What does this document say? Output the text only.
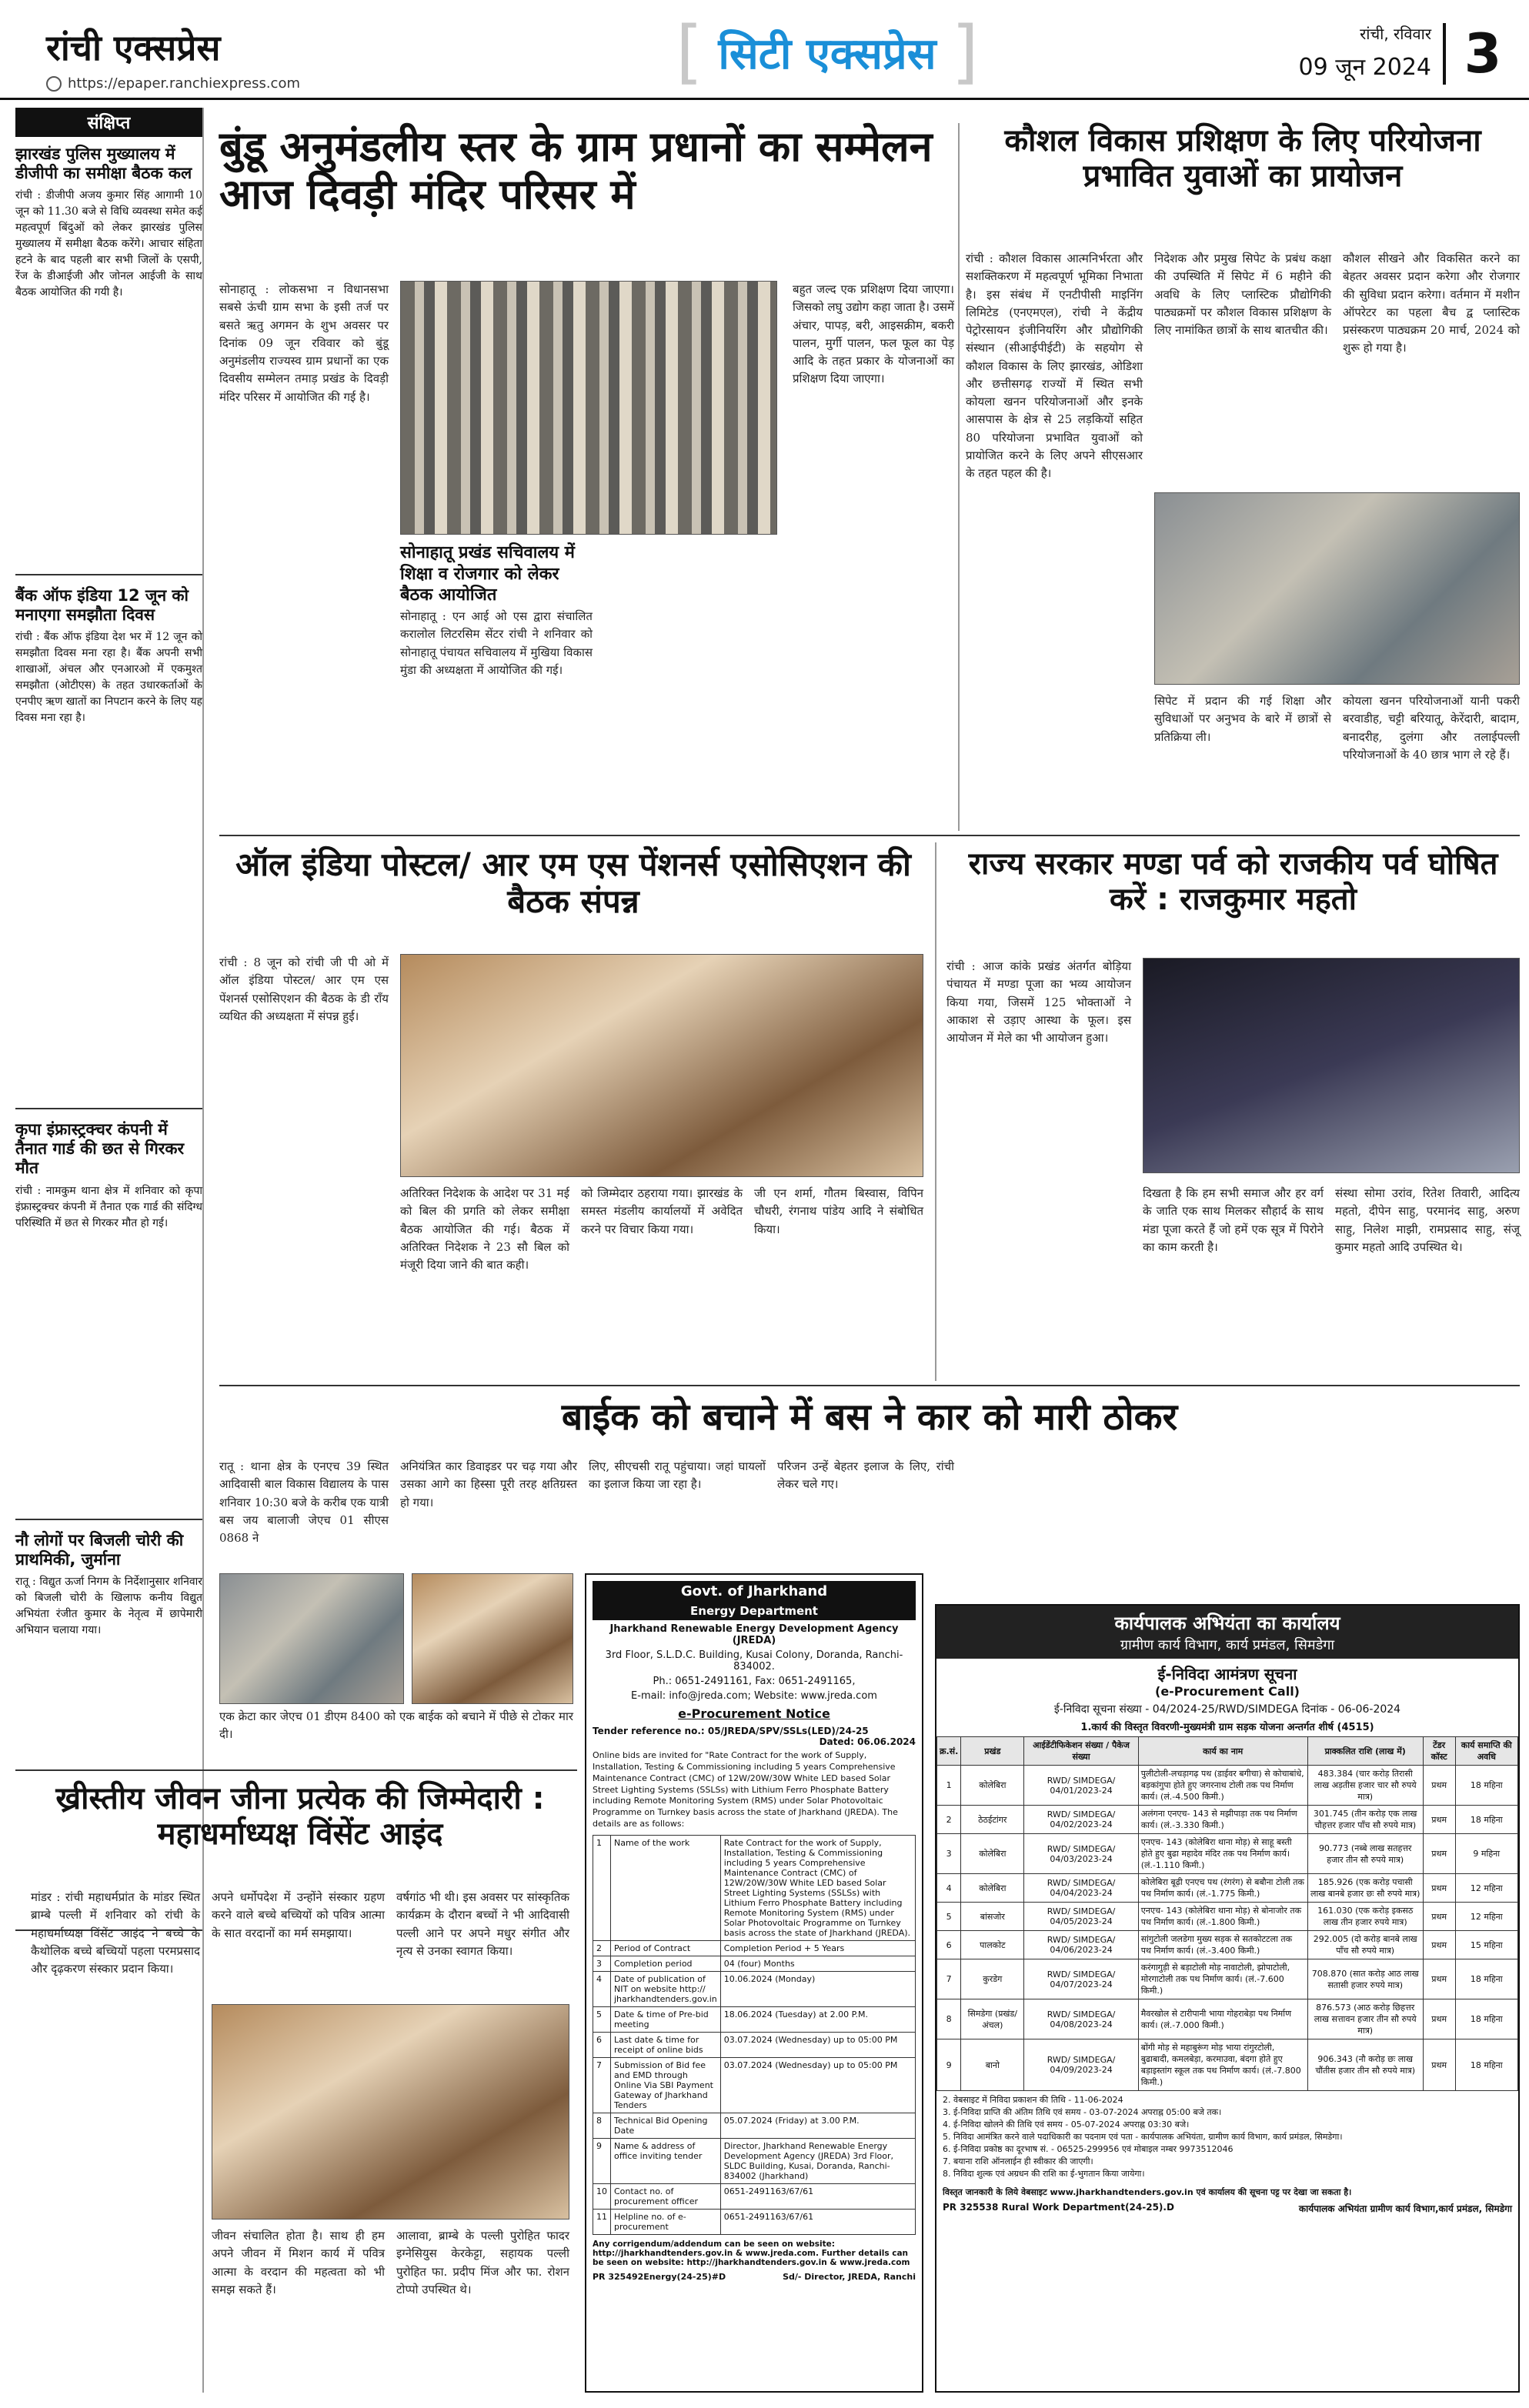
रांची एक्सप्रेस
https://epaper.ranchiexpress.com	[ सिटी एक्सप्रेस ]	रांची, रविवार
09 जून 2024 3
संक्षिप्त
झारखंड पुलिस मुख्यालय में डीजीपी का समीक्षा बैठक कल

रांची : डीजीपी अजय कुमार सिंह आगामी 10 जून को 11.30 बजे से विधि व्यवस्था समेत कई महत्वपूर्ण बिंदुओं को लेकर झारखंड पुलिस मुख्यालय में समीक्षा बैठक करेंगे। आचार संहिता हटने के बाद पहली बार सभी जिलों के एसपी, रेंज के डीआईजी और जोनल आईजी के साथ बैठक आयोजित की गयी है।

बैंक ऑफ इंडिया 12 जून को मनाएगा समझौता दिवस

रांची : बैंक ऑफ इंडिया देश भर में 12 जून को समझौता दिवस मना रहा है। बैंक अपनी सभी शाखाओं, अंचल और एनआरओ में एकमुश्त समझौता (ओटीएस) के तहत उधारकर्ताओं के एनपीए ऋण खातों का निपटान करने के लिए यह दिवस मना रहा है।

कृपा इंफ्रास्ट्रक्चर कंपनी में तैनात गार्ड की छत से गिरकर मौत

रांची : नामकुम थाना क्षेत्र में शनिवार को कृपा इंफ्रास्ट्रक्चर कंपनी में तैनात एक गार्ड की संदिग्ध परिस्थिति में छत से गिरकर मौत हो गई।

नौ लोगों पर बिजली चोरी की प्राथमिकी, जुर्माना

रातू : विद्युत ऊर्जा निगम के निर्देशानुसार शनिवार को बिजली चोरी के खिलाफ कनीय विद्युत अभियंता रंजीत कुमार के नेतृत्व में छापेमारी अभियान चलाया गया।

बुंडू अनुमंडलीय स्तर के ग्राम प्रधानों का सम्मेलन आज दिवड़ी मंदिर परिसर में
सोनाहातू : लोकसभा न विधानसभा सबसे ऊंची ग्राम सभा के इसी तर्ज पर बसते ऋतु अगमन के शुभ अवसर पर दिनांक 09 जून रविवार को बुंडू अनुमंडलीय राज्यस्व ग्राम प्रधानों का एक दिवसीय सम्मेलन तमाड़ प्रखंड के दिवड़ी मंदिर परिसर में आयोजित की गई है।
सोनाहातू प्रखंड सचिवालय में शिक्षा व रोजगार को लेकर बैठक आयोजित
सोनाहातू : एन आई ओ एस द्वारा संचालित करालोल लिटरसिम सेंटर रांची ने शनिवार को सोनाहातू पंचायत सचिवालय में मुखिया विकास मुंडा की अध्यक्षता में आयोजित की गई।
बहुत जल्द एक प्रशिक्षण दिया जाएगा। जिसको लघु उद्योग कहा जाता है। उसमें अंचार, पापड़, बरी, आइसक्रीम, बकरी पालन, मुर्गी पालन, फल फूल का पेड़ आदि के तहत प्रकार के योजनाओं का प्रशिक्षण दिया जाएगा।
कौशल विकास प्रशिक्षण के लिए परियोजना प्रभावित युवाओं का प्रायोजन
रांची : कौशल विकास आत्मनिर्भरता और सशक्तिकरण में महत्वपूर्ण भूमिका निभाता है। इस संबंध में एनटीपीसी माइनिंग लिमिटेड (एनएमएल), रांची ने केंद्रीय पेट्रोरसायन इंजीनियरिंग और प्रौद्योगिकी संस्थान (सीआईपीईटी) के सहयोग से कौशल विकास के लिए झारखंड, ओडिशा और छत्तीसगढ़ राज्यों में स्थित सभी कोयला खनन परियोजनाओं और इनके आसपास के क्षेत्र से 25 लड़कियों सहित 80 परियोजना प्रभावित युवाओं को प्रायोजित करने के लिए अपने सीएसआर के तहत पहल की है।
निदेशक और प्रमुख सिपेट के प्रबंध कक्षा की उपस्थिति में सिपेट में 6 महीने की अवधि के लिए प्लास्टिक प्रौद्योगिकी पाठ्यक्रमों पर कौशल विकास प्रशिक्षण के लिए नामांकित छात्रों के साथ बातचीत की।
कौशल सीखने और विकसित करने का बेहतर अवसर प्रदान करेगा और रोजगार की सुविधा प्रदान करेगा। वर्तमान में मशीन ऑपरेटर का पहला बैच द्व प्लास्टिक प्रसंस्करण पाठ्यक्रम 20 मार्च, 2024 को शुरू हो गया है।
सिपेट में प्रदान की गई शिक्षा और सुविधाओं पर अनुभव के बारे में छात्रों से प्रतिक्रिया ली।
कोयला खनन परियोजनाओं यानी पकरी बरवाडीह, चट्टी बरियातू, केरेंदारी, बादाम, बनादरीह, दुलंगा और तलाईपल्ली परियोजनाओं के 40 छात्र भाग ले रहे हैं।
ऑल इंडिया पोस्टल/ आर एम एस पेंशनर्स एसोसिएशन की बैठक संपन्न
रांची : 8 जून को रांची जी पी ओ में ऑल इंडिया पोस्टल/ आर एम एस पेंशनर्स एसोसिएशन की बैठक के डी राँय व्यथित की अध्यक्षता में संपन्न हुई।
अतिरिक्त निदेशक के आदेश पर 31 मई को बिल की प्रगति को लेकर समीक्षा बैठक आयोजित की गई। बैठक में अतिरिक्त निदेशक ने 23 सौ बिल को मंजूरी दिया जाने की बात कही।
को जिम्मेदार ठहराया गया। झारखंड के समस्त मंडलीय कार्यालयों में अवेदित करने पर विचार किया गया।
जी एन शर्मा, गौतम बिस्वास, विपिन चौधरी, रंगनाथ पांडेय आदि ने संबोधित किया।
राज्य सरकार मण्डा पर्व को राजकीय पर्व घोषित करें : राजकुमार महतो
रांची : आज कांके प्रखंड अंतर्गत बोड़िया पंचायत में मण्डा पूजा का भव्य आयोजन किया गया, जिसमें 125 भोक्ताओं ने आकाश से उड़ाए आस्था के फूल। इस आयोजन में मेले का भी आयोजन हुआ।
दिखता है कि हम सभी समाज और हर वर्ग के जाति एक साथ मिलकर सौहार्द के साथ मंडा पूजा करते हैं जो हमें एक सूत्र में पिरोने का काम करती है।
संस्था सोमा उरांव, रितेश तिवारी, आदित्य महतो, दीपेन साहु, परमानंद साहु, अरुण साहु, निलेश माझी, रामप्रसाद साहु, संजू कुमार महतो आदि उपस्थित थे।
बाईक को बचाने में बस ने कार को मारी ठोकर
रातू : थाना क्षेत्र के एनएच 39 स्थित आदिवासी बाल विकास विद्यालय के पास शनिवार 10:30 बजे के करीब एक यात्री बस जय बालाजी जेएच 01 सीएस 0868 ने
अनियंत्रित कार डिवाइडर पर चढ़ गया और उसका आगे का हिस्सा पूरी तरह क्षतिग्रस्त हो गया।
लिए, सीएचसी रातू पहुंचाया। जहां घायलों का इलाज किया जा रहा है।
परिजन उन्हें बेहतर इलाज के लिए, रांची लेकर चले गए।
एक क्रेटा कार जेएच 01 डीएम 8400 को एक बाईक को बचाने में पीछे से टोकर मार दी।
ख्रीस्तीय जीवन जीना प्रत्येक की जिम्मेदारी : महाधर्माध्यक्ष विंसेंट आइंद
मांडर : रांची महाधर्मप्रांत के मांडर स्थित ब्राम्बे पल्ली में शनिवार को रांची के महाधर्माध्यक्ष विंसेंट आइंद ने बच्चे के कैथोलिक बच्चे बच्चियों पहला परमप्रसाद और दृढ़करण संस्कार प्रदान किया।
अपने धर्मोपदेश में उन्होंने संस्कार ग्रहण करने वाले बच्चे बच्चियों को पवित्र आत्मा के सात वरदानों का मर्म समझाया।
वर्षगांठ भी थी। इस अवसर पर सांस्कृतिक कार्यक्रम के दौरान बच्चों ने भी आदिवासी पल्ली आने पर अपने मधुर संगीत और नृत्य से उनका स्वागत किया।
जीवन संचालित होता है। साथ ही हम अपने जीवन में मिशन कार्य में पवित्र आत्मा के वरदान की महत्वता को भी समझ सकते हैं।
आलावा, ब्राम्बे के पल्ली पुरोहित फादर इग्नेसियुस केरकेट्टा, सहायक पल्ली पुरोहित फा. प्रदीप मिंज और फा. रोशन टोप्पो उपस्थित थे।
Govt. of Jharkhand
Energy Department
Jharkhand Renewable Energy Development Agency (JREDA)
3rd Floor, S.L.D.C. Building, Kusai Colony, Doranda, Ranchi-834002.
Ph.: 0651-2491161, Fax: 0651-2491165,
E-mail: info@jreda.com; Website: www.jreda.com
e-Procurement Notice
Tender reference no.: 05/JREDA/SPV/SSLs(LED)/24-25
Dated: 06.06.2024
Online bids are invited for "Rate Contract for the work of Supply, Installation, Testing & Commissioning including 5 years Comprehensive Maintenance Contract (CMC) of 12W/20W/30W White LED based Solar Street Lighting Systems (SSLSs) with Lithium Ferro Phosphate Battery including Remote Monitoring System (RMS) under Solar Photovoltaic Programme on Turnkey basis across the state of Jharkhand (JREDA). The details are as follows:
1	Name of the work	Rate Contract for the work of Supply, Installation, Testing & Commissioning including 5 years Comprehensive Maintenance Contract (CMC) of 12W/20W/30W White LED based Solar Street Lighting Systems (SSLSs) with Lithium Ferro Phosphate Battery including Remote Monitoring System (RMS) under Solar Photovoltaic Programme on Turnkey basis across the state of Jharkhand (JREDA).
2	Period of Contract	Completion Period + 5 Years
3	Completion period	04 (four) Months
4	Date of publication of NIT on website http:// jharkhandtenders.gov.in	10.06.2024 (Monday)
5	Date & time of Pre-bid meeting	18.06.2024 (Tuesday) at 2.00 P.M.
6	Last date & time for receipt of online bids	03.07.2024 (Wednesday) up to 05:00 PM
7	Submission of Bid fee and EMD through Online Via SBI Payment Gateway of Jharkhand Tenders	03.07.2024 (Wednesday) up to 05:00 PM
8	Technical Bid Opening Date	05.07.2024 (Friday) at 3.00 P.M.
9	Name & address of office inviting tender	Director, Jharkhand Renewable Energy Development Agency (JREDA) 3rd Floor, SLDC Building, Kusai, Doranda, Ranchi-834002 (Jharkhand)
10	Contact no. of procurement officer	0651-2491163/67/61
11	Helpline no. of e-procurement	0651-2491163/67/61
Any corrigendum/addendum can be seen on website: http://jharkhandtenders.gov.in & www.jreda.com. Further details can be seen on website: http://jharkhandtenders.gov.in & www.jreda.com
PR 325492Energy(24-25)#D	Sd/- Director, JREDA, Ranchi
कार्यपालक अभियंता का कार्यालय
ग्रामीण कार्य विभाग, कार्य प्रमंडल, सिमडेगा
ई-निविदा आमंत्रण सूचना
(e-Procurement Call)
ई-निविदा सूचना संख्या - 04/2024-25/RWD/SIMDEGA दिनांक - 06-06-2024
1.कार्य की विस्तृत विवरणी-मुख्यमंत्री ग्राम सड़क योजना अन्तर्गत शीर्ष (4515)
क्र.सं.	प्रखंड	आईडेंटीफिकेशन संख्या / पैकेज संख्या	कार्य का नाम	प्राक्कलित राशि (लाख में)	टेंडर कॉस्ट	कार्य समाप्ति की अवधि
1	कोलेबिरा	RWD/ SIMDEGA/ 04/01/2023-24	पुलीटोली-लचड़ागढ़ पथ (डाईवर बगीचा) से कोचाबांधे, बड़कांगुपा होते हुए जगरनाथ टोली तक पथ निर्माण कार्य। (लं.-4.500 किमी.)	483.384 (चार करोड़ तिरासी लाख अड़तीस हजार चार सौ रुपये मात्र)	प्रथम	18 महिना
2	ठेठईटांगर	RWD/ SIMDEGA/ 04/02/2023-24	अलंगना एनएच- 143 से मझीपाड़ा तक पथ निर्माण कार्य। (लं.-3.330 किमी.)	301.745 (तीन करोड़ एक लाख चौहत्तर हजार पाँच सौ रुपये मात्र)	प्रथम	18 महिना
3	कोलेबिरा	RWD/ SIMDEGA/ 04/03/2023-24	एनएच- 143 (कोलेबिरा थाना मोड़) से साहू बस्ती होते हुए बुढा महादेव मंदिर तक पथ निर्माण कार्य। (लं.-1.110 किमी.)	90.773 (नब्बे लाख सतहत्तर हजार तीन सौ रुपये मात्र)	प्रथम	9 महिना
4	कोलेबिरा	RWD/ SIMDEGA/ 04/04/2023-24	कोलेबिरा बूढ़ी एनएच पथ (रंगरंग) से बबौना टोली तक पथ निर्माण कार्य। (लं.-1.775 किमी.)	185.926 (एक करोड़ पचासी लाख बानबे हजार छः सौ रुपये मात्र)	प्रथम	12 महिना
5	बांसजोर	RWD/ SIMDEGA/ 04/05/2023-24	एनएच- 143 (कोलेबिरा थाना मोड़) से बोनाजोर तक पथ निर्माण कार्य। (लं.-1.800 किमी.)	161.030 (एक करोड़ इकसठ लाख तीन हजार रुपये मात्र)	प्रथम	12 महिना
6	पालकोट	RWD/ SIMDEGA/ 04/06/2023-24	सांगुटोली जलडेगा मुख्य सड़क से सतकोटटला तक पथ निर्माण कार्य। (लं.-3.400 किमी.)	292.005 (दो करोड़ बानबे लाख पाँच सौ रुपये मात्र)	प्रथम	15 महिना
7	कुरडेग	RWD/ SIMDEGA/ 04/07/2023-24	करंगागुड़ी से बड़ाटोली मोड़ नावाटोली, झोपाटोली, मोरगाटोली तक पथ निर्माण कार्य। (लं.-7.600 किमी.)	708.870 (सात करोड़ आठ लाख सतासी हजार रुपये मात्र)	प्रथम	18 महिना
8	सिमडेगा (प्रखंड/अंचल)	RWD/ SIMDEGA/ 04/08/2023-24	मैवरखोल से टारीपानी भाया गोहराबेड़ा पथ निर्माण कार्य। (लं.-7.000 किमी.)	876.573 (आठ करोड़ छिहत्तर लाख सत्तावन हजार तीन सौ रुपये मात्र)	प्रथम	18 महिना
9	बानो	RWD/ SIMDEGA/ 04/09/2023-24	बोंगी मोड़ से महाबुरूंग मोड़ भाया रांगुरटोली, बुढाबादी, कमलबेड़ा, करमाउवा, बंदगा होते हुए बड़ाइस्तांग स्कूल तक पथ निर्माण कार्य। (लं.-7.800 किमी.)	906.343 (नौ करोड़ छः लाख चौंतीस हजार तीन सौ रुपये मात्र)	प्रथम	18 महिना
2. वेबसाइट में निविदा प्रकाशन की तिथि - 11-06-2024
3. ई-निविदा प्राप्ति की अंतिम तिथि एवं समय - 03-07-2024 अपराह्न 05:00 बजे तक।
4. ई-निविदा खोलने की तिथि एवं समय - 05-07-2024 अपराह्न 03:30 बजे।
5. निविदा आमंत्रित करने वाले पदाधिकारी का पदनाम एवं पता - कार्यपालक अभियंता, ग्रामीण कार्य विभाग, कार्य प्रमंडल, सिमडेगा।
6. ई-निविदा प्रकोष्ठ का दूरभाष सं. - 06525-299956 एवं मोबाइल नम्बर 9973512046
7. बयाना राशि ऑनलाईन ही स्वीकार की जाएगी।
8. निविदा शुल्क एवं अग्रधन की राशि का ई-भुगतान किया जायेगा।
विस्तृत जानकारी के लिये वेबसाइट www.jharkhandtenders.gov.in एवं कार्यालय की सूचना पट्ट पर देखा जा सकता है।
PR 325538 Rural Work Department(24-25).D	कार्यपालक अभियंता ग्रामीण कार्य विभाग,कार्य प्रमंडल, सिमडेगा
